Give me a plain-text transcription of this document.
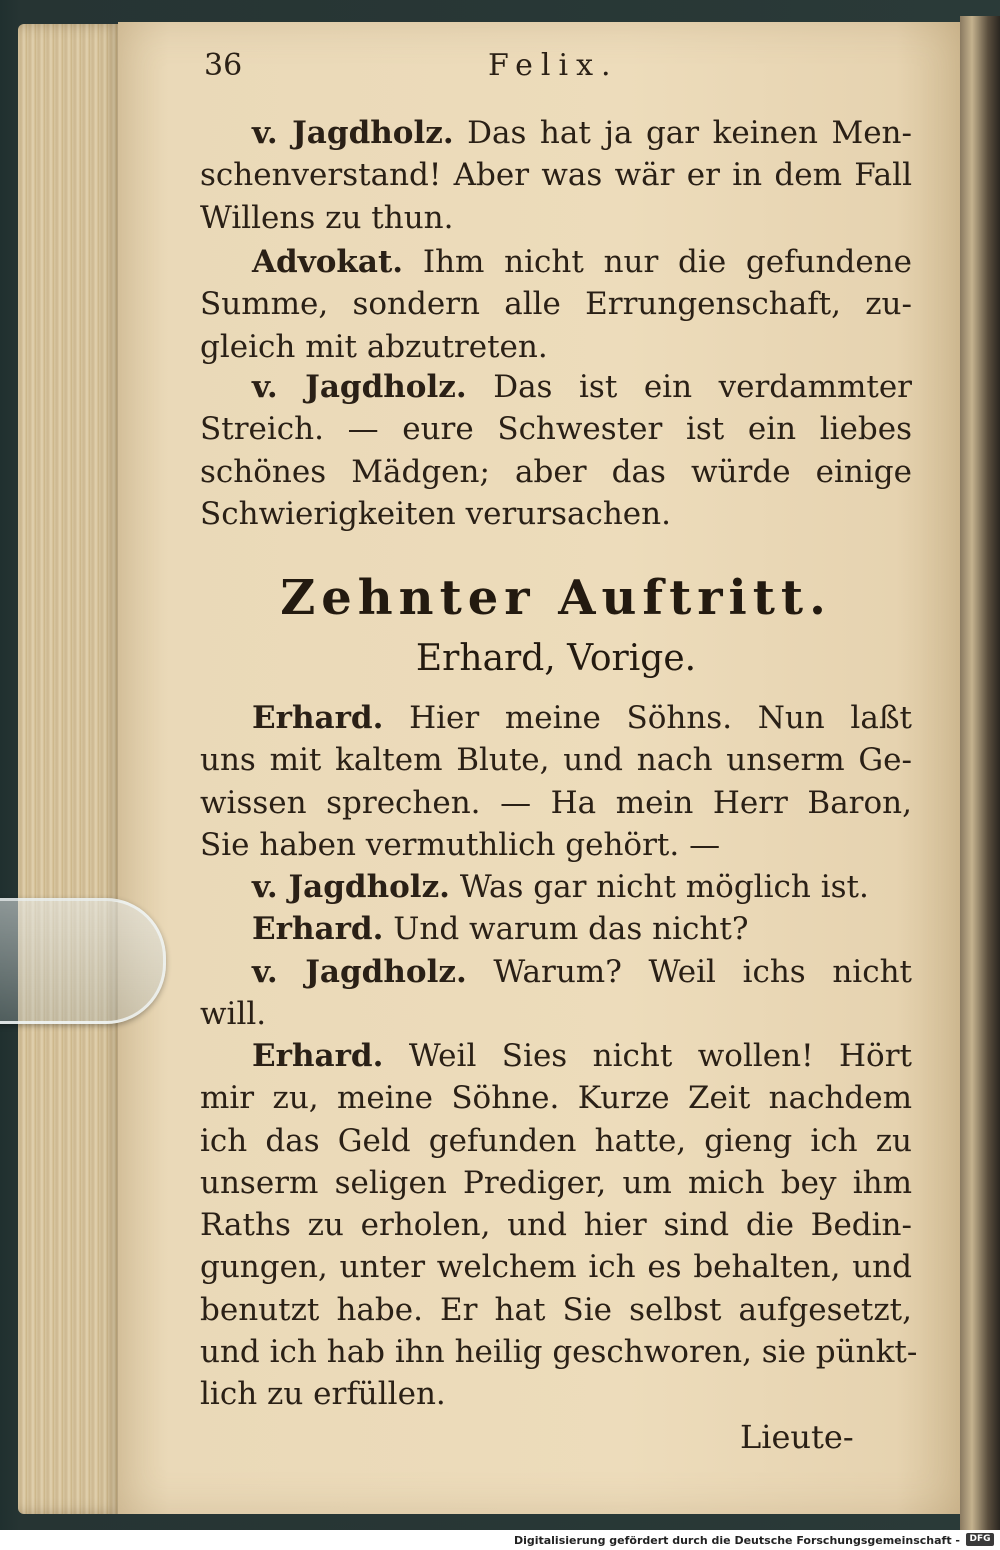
36	Felix.
v. Jagdholz. Das hat ja gar keinen Men-
schenverstand! Aber was wär er in dem Fall
Willens zu thun.
Advokat. Ihm nicht nur die gefundene
Summe, sondern alle Errungenschaft, zu-
gleich mit abzutreten.
v. Jagdholz. Das ist ein verdammter
Streich. — eure Schwester ist ein liebes
schönes Mädgen; aber das würde einige
Schwierigkeiten verursachen.
Zehnter Auftritt.
Erhard, Vorige.
Erhard. Hier meine Söhns. Nun laßt
uns mit kaltem Blute, und nach unserm Ge-
wissen sprechen. — Ha mein Herr Baron,
Sie haben vermuthlich gehört. —
v. Jagdholz. Was gar nicht möglich ist.
Erhard. Und warum das nicht?
v. Jagdholz. Warum? Weil ichs nicht
will.
Erhard. Weil Sies nicht wollen! Hört
mir zu, meine Söhne. Kurze Zeit nachdem
ich das Geld gefunden hatte, gieng ich zu
unserm seligen Prediger, um mich bey ihm
Raths zu erholen, und hier sind die Bedin-
gungen, unter welchem ich es behalten, und
benutzt habe. Er hat Sie selbst aufgesetzt,
und ich hab ihn heilig geschworen, sie pünkt-
lich zu erfüllen.
Lieute-
Digitalisierung gefördert durch die Deutsche Forschungsgemeinschaft -	DFG
